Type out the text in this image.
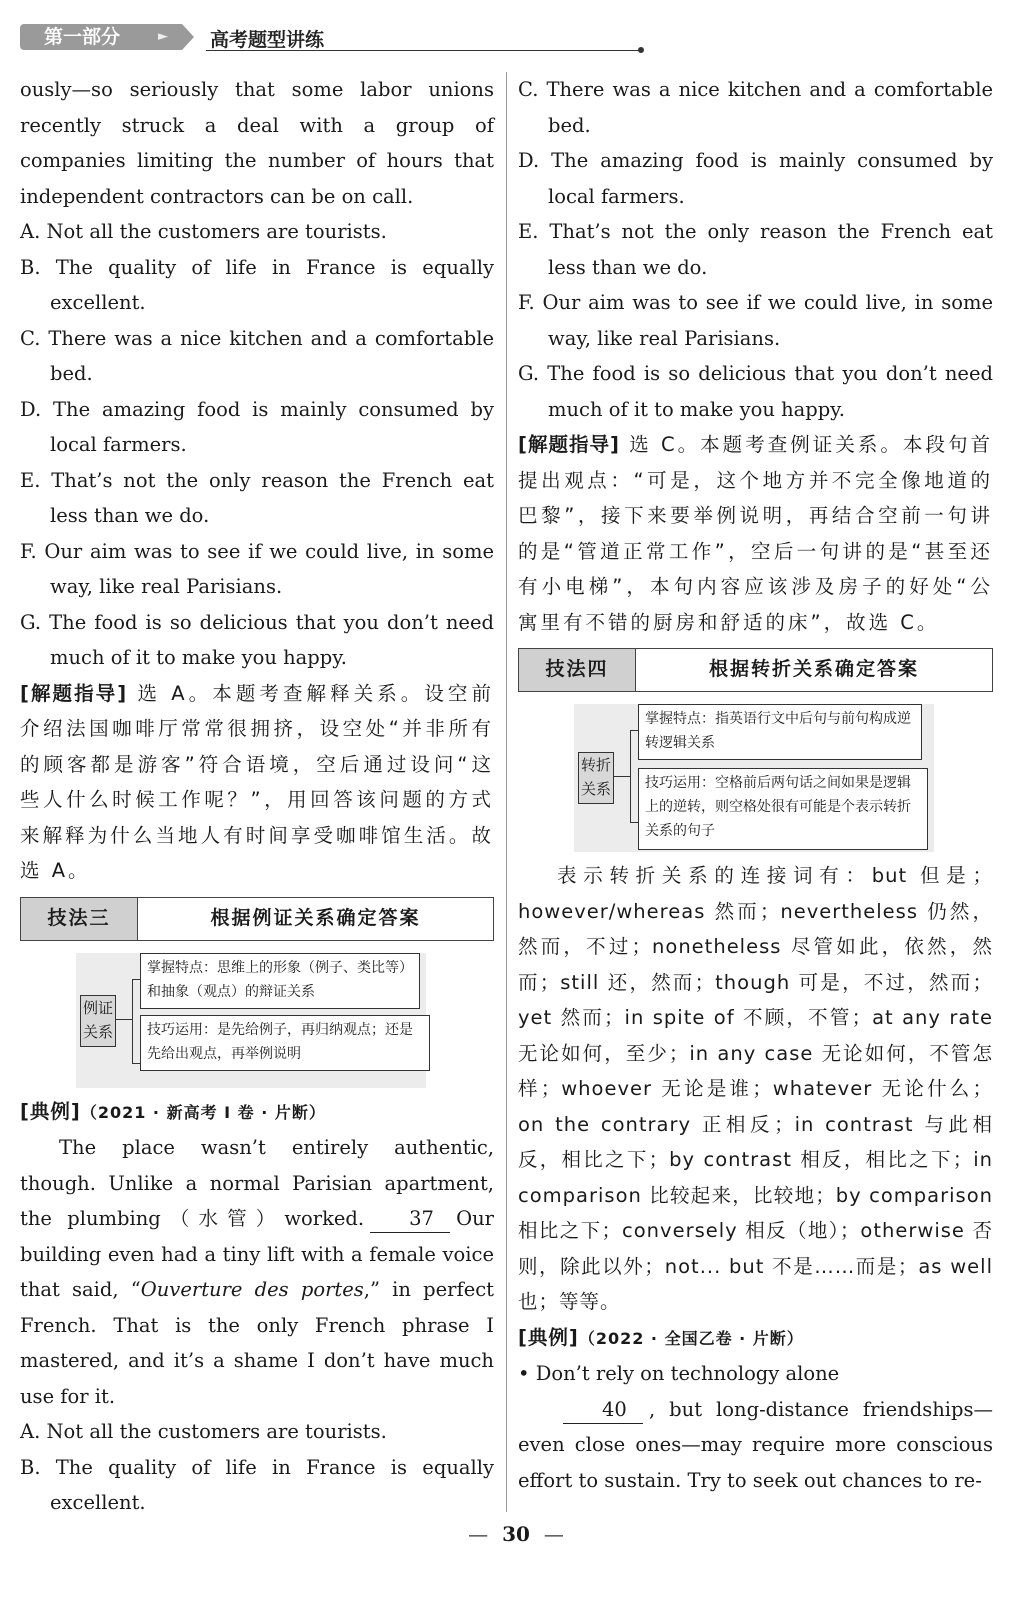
第一部分	► 高考题型讲练
ously—so seriously that some labor unions recently struck a deal with a group of companies limiting the number of hours that independent contractors can be on call.
A. Not all the customers are tourists.
B. The quality of life in France is equally excellent.
C. There was a nice kitchen and a comfortable bed.
D. The amazing food is mainly consumed by local farmers.
E. That’s not the only reason the French eat less than we do.
F. Our aim was to see if we could live, in some way, like real Parisians.
G. The food is so delicious that you don’t need much of it to make you happy.
[解题指导] 选 A。本题考查解释关系。设空前介绍法国咖啡厅常常很拥挤，设空处“并非所有的顾客都是游客”符合语境，空后通过设问“这些人什么时候工作呢？”，用回答该问题的方式来解释为什么当地人有时间享受咖啡馆生活。故选 A。
技法三	根据例证关系确定答案
例证关系
掌握特点：思维上的形象（例子、类比等）和抽象（观点）的辩证关系
技巧运用：是先给例子，再归纳观点；还是先给出观点，再举例说明
[典例]（2021 · 新高考 Ⅰ 卷 · 片断）
The place wasn’t entirely authentic, though. Unlike a normal Parisian apartment, the plumbing（水管）worked. 37 Our building even had a tiny lift with a female voice that said, “Ouverture des portes,” in perfect French. That is the only French phrase I mastered, and it’s a shame I don’t have much use for it.
A. Not all the customers are tourists.
B. The quality of life in France is equally excellent.
C. There was a nice kitchen and a comfortable bed.
D. The amazing food is mainly consumed by local farmers.
E. That’s not the only reason the French eat less than we do.
F. Our aim was to see if we could live, in some way, like real Parisians.
G. The food is so delicious that you don’t need much of it to make you happy.
[解题指导] 选 C。本题考查例证关系。本段句首提出观点：“可是，这个地方并不完全像地道的巴黎”，接下来要举例说明，再结合空前一句讲的是“管道正常工作”，空后一句讲的是“甚至还有小电梯”，本句内容应该涉及房子的好处“公寓里有不错的厨房和舒适的床”，故选 C。
技法四	根据转折关系确定答案
转折关系
掌握特点：指英语行文中后句与前句构成逆转逻辑关系
技巧运用：空格前后两句话之间如果是逻辑上的逆转，则空格处很有可能是个表示转折关系的句子
表示转折关系的连接词有：but 但是；however/whereas 然而；nevertheless 仍然，然而，不过；nonetheless 尽管如此，依然，然而；still 还，然而；though 可是，不过，然而；yet 然而；in spite of 不顾，不管；at any rate 无论如何，至少；in any case 无论如何，不管怎样；whoever 无论是谁；whatever 无论什么；on the contrary 正相反；in contrast 与此相反，相比之下；by contrast 相反，相比之下；in comparison 比较起来，比较地；by comparison 相比之下；conversely 相反（地）；otherwise 否则，除此以外；not... but 不是……而是；as well 也；等等。
[典例]（2022 · 全国乙卷 · 片断）
• Don’t rely on technology alone
40 , but long-distance friendships—even close ones—may require more conscious effort to sustain. Try to seek out chances to re-
— 30 —
